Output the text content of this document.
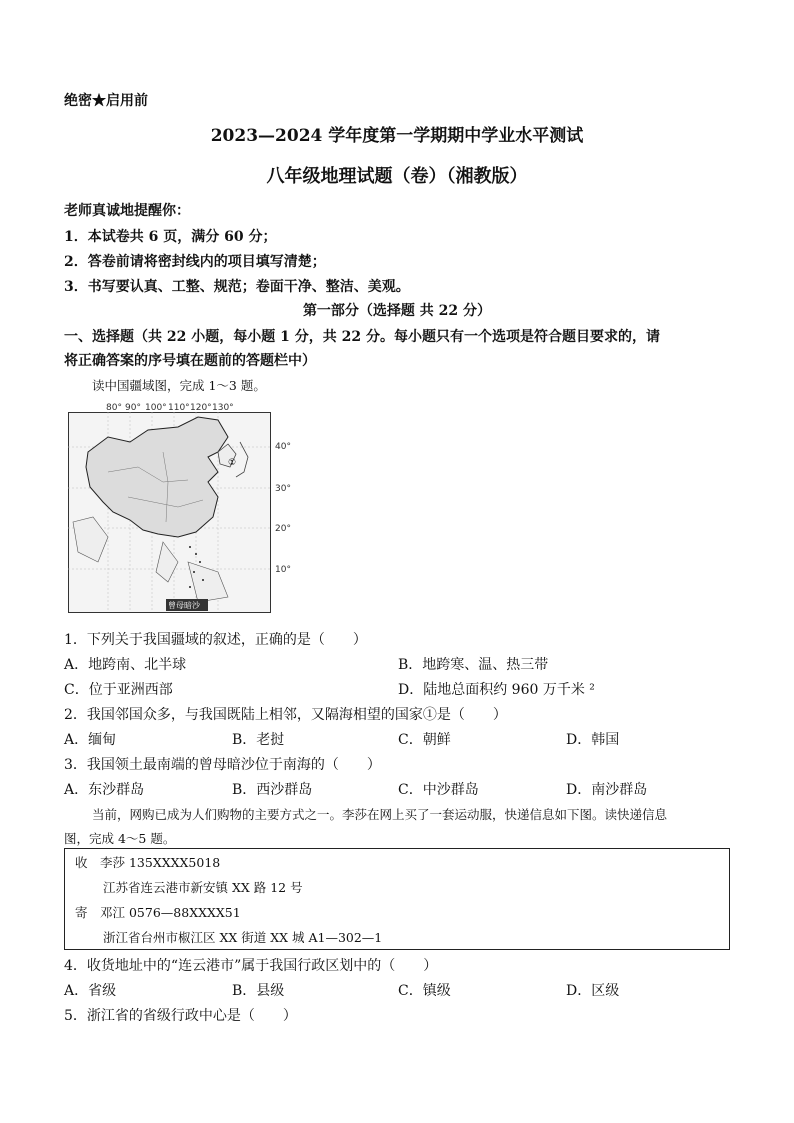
绝密★启用前
2023—2024 学年度第一学期期中学业水平测试
八年级地理试题（卷）（湘教版）
老师真诚地提醒你：
1．本试卷共 6 页，满分 60 分；
2．答卷前请将密封线内的项目填写清楚；
3．书写要认真、工整、规范；卷面干净、整洁、美观。
第一部分（选择题 共 22 分）
一、选择题（共 22 小题，每小题 1 分，共 22 分。每小题只有一个选项是符合题目要求的，请
将正确答案的序号填在题前的答题栏中）
读中国疆域图，完成 1～3 题。
80° 90° 100° 110° 120° 130°
40°
30°
20°
10°
①
曾母暗沙
1．下列关于我国疆域的叙述，正确的是（　　）
A．地跨南、北半球	B．地跨寒、温、热三带
C．位于亚洲西部	D．陆地总面积约 960 万千米 ²
2．我国邻国众多，与我国既陆上相邻，又隔海相望的国家①是（　　）
A．缅甸	B．老挝	C．朝鲜	D．韩国
3．我国领土最南端的曾母暗沙位于南海的（　　）
A．东沙群岛	B．西沙群岛	C．中沙群岛	D．南沙群岛
当前，网购已成为人们购物的主要方式之一。李莎在网上买了一套运动服，快递信息如下图。读快递信息
图，完成 4～5 题。
收　李莎 135XXXX5018
江苏省连云港市新安镇 XX 路 12 号
寄　邓江 0576—88XXXX51
浙江省台州市椒江区 XX 街道 XX 城 A1—302—1
4．收货地址中的“连云港市”属于我国行政区划中的（　　）
A．省级	B．县级	C．镇级	D．区级
5．浙江省的省级行政中心是（　　）
